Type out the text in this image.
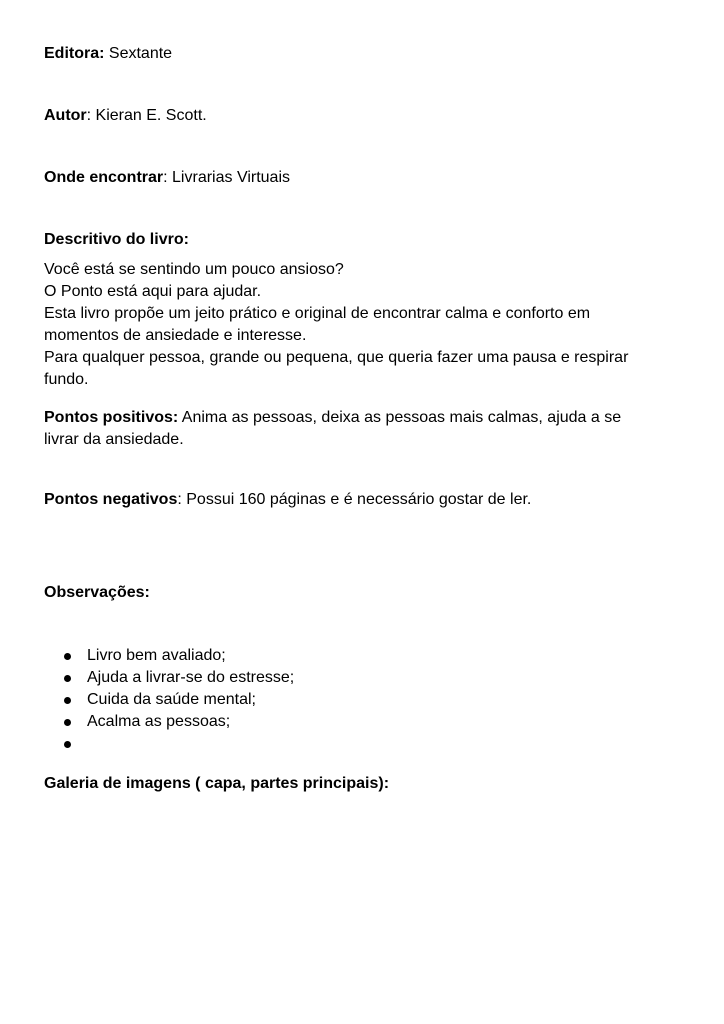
Editora: Sextante
Autor: Kieran E. Scott.
Onde encontrar: Livrarias Virtuais
Descritivo do livro:
Você está se sentindo um pouco ansioso?
O Ponto está aqui para ajudar.
Esta livro propõe um jeito prático e original de encontrar calma e conforto em
momentos de ansiedade e interesse.
Para qualquer pessoa, grande ou pequena, que queria fazer uma pausa e respirar
fundo.
Pontos positivos: Anima as pessoas, deixa as pessoas mais calmas, ajuda a se
livrar da ansiedade.
Pontos negativos: Possui 160 páginas e é necessário gostar de ler.
Observações:
Livro bem avaliado;
Ajuda a livrar-se do estresse;
Cuida da saúde mental;
Acalma as pessoas;
Galeria de imagens ( capa, partes principais):
